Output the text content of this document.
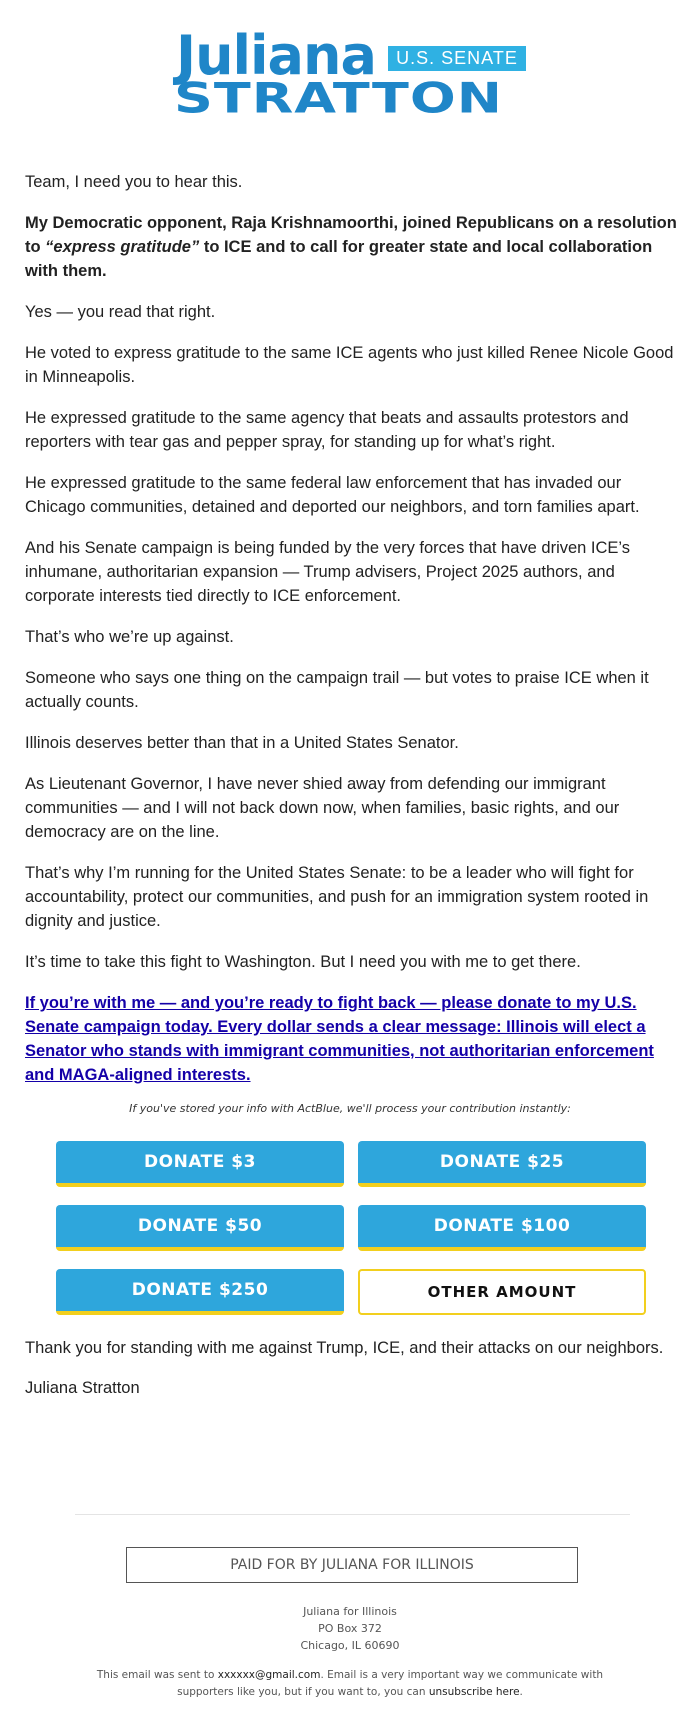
Juliana	U.S. SENATE
STRATTON

Team, I need you to hear this.

My Democratic opponent, Raja Krishnamoorthi, joined Republicans on a resolution to “express gratitude” to ICE and to call for greater state and local collaboration with them.

Yes — you read that right.

He voted to express gratitude to the same ICE agents who just killed Renee Nicole Good in Minneapolis.

He expressed gratitude to the same agency that beats and assaults protestors and reporters with tear gas and pepper spray, for standing up for what’s right.

He expressed gratitude to the same federal law enforcement that has invaded our Chicago communities, detained and deported our neighbors, and torn families apart.

And his Senate campaign is being funded by the very forces that have driven ICE’s inhumane, authoritarian expansion — Trump advisers, Project 2025 authors, and corporate interests tied directly to ICE enforcement.

That’s who we’re up against.

Someone who says one thing on the campaign trail — but votes to praise ICE when it actually counts.

Illinois deserves better than that in a United States Senator.

As Lieutenant Governor, I have never shied away from defending our immigrant communities — and I will not back down now, when families, basic rights, and our democracy are on the line.

That’s why I’m running for the United States Senate: to be a leader who will fight for accountability, protect our communities, and push for an immigration system rooted in dignity and justice.

It’s time to take this fight to Washington. But I need you with me to get there.

If you’re with me — and you’re ready to fight back — please donate to my U.S. Senate campaign today. Every dollar sends a clear message: Illinois will elect a Senator who stands with immigrant communities, not authoritarian enforcement and MAGA-aligned interests.

If you've stored your info with ActBlue, we'll process your contribution instantly:
DONATE $3	DONATE $25
DONATE $50	DONATE $100
DONATE $250	OTHER AMOUNT

Thank you for standing with me against Trump, ICE, and their attacks on our neighbors.

Juliana Stratton

PAID FOR BY JULIANA FOR ILLINOIS
Juliana for Illinois
PO Box 372
Chicago, IL 60690
This email was sent to xxxxxx@gmail.com. Email is a very important way we communicate with supporters like you, but if you want to, you can unsubscribe here.
